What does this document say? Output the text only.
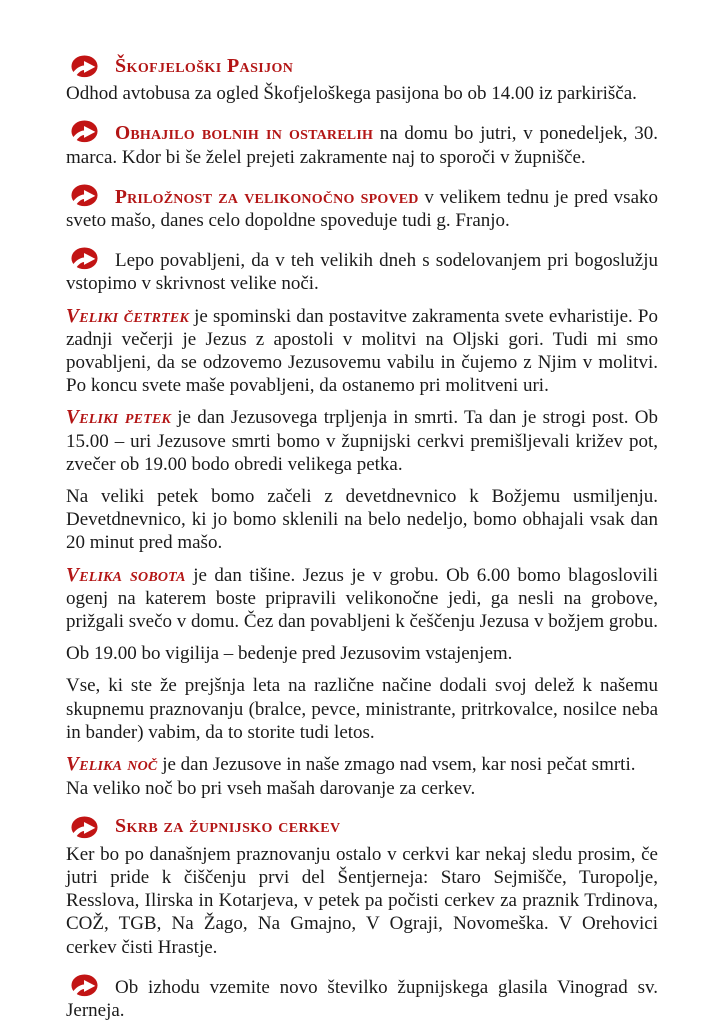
Škofjeloški Pasijon

Odhod avtobusa za ogled Škofjeloškega pasijona bo ob 14.00 iz parkirišča.

Obhajilo bolnih in ostarelih na domu bo jutri, v ponedeljek, 30. marca. Kdor bi še želel prejeti zakramente naj to sporoči v župnišče.

Priložnost za velikonočno spoved v velikem tednu je pred vsako sveto mašo, danes celo dopoldne spoveduje tudi g. Franjo.

Lepo povabljeni, da v teh velikih dneh s sodelovanjem pri bogoslužju vstopimo v skrivnost velike noči.

Veliki četrtek je spominski dan postavitve zakramenta svete evharistije. Po zadnji večerji je Jezus z apostoli v molitvi na Oljski gori. Tudi mi smo povabljeni, da se odzovemo Jezusovemu vabilu in čujemo z Njim v molitvi. Po koncu svete maše povabljeni, da ostanemo pri molitveni uri.

Veliki petek je dan Jezusovega trpljenja in smrti. Ta dan je strogi post. Ob 15.00 – uri Jezusove smrti bomo v župnijski cerkvi premišljevali križev pot, zvečer ob 19.00 bodo obredi velikega petka.

Na veliki petek bomo začeli z devetdnevnico k Božjemu usmiljenju. Devetdnevnico, ki jo bomo sklenili na belo nedeljo, bomo obhajali vsak dan 20 minut pred mašo.

Velika sobota je dan tišine. Jezus je v grobu. Ob 6.00 bomo blagoslovili ogenj na katerem boste pripravili velikonočne jedi, ga nesli na grobove, prižgali svečo v domu. Čez dan povabljeni k češčenju Jezusa v božjem grobu.

Ob 19.00 bo vigilija – bedenje pred Jezusovim vstajenjem.

Vse, ki ste že prejšnja leta na različne načine dodali svoj delež k našemu skupnemu praznovanju (bralce, pevce, ministrante, pritrkovalce, nosilce neba in bander) vabim, da to storite tudi letos.

Velika noč je dan Jezusove in naše zmago nad vsem, kar nosi pečat smrti.

Na veliko noč bo pri vseh mašah darovanje za cerkev.

Skrb za župnijsko cerkev

Ker bo po današnjem praznovanju ostalo v cerkvi kar nekaj sledu prosim, če jutri pride k čiščenju prvi del Šentjerneja: Staro Sejmišče, Turopolje, Resslova, Ilirska in Kotarjeva, v petek pa počisti cerkev za praznik Trdinova, COŽ, TGB, Na Žago, Na Gmajno, V Ograji, Novomeška. V Orehovici cerkev čisti Hrastje.

Ob izhodu vzemite novo številko župnijskega glasila Vinograd sv. Jerneja.
